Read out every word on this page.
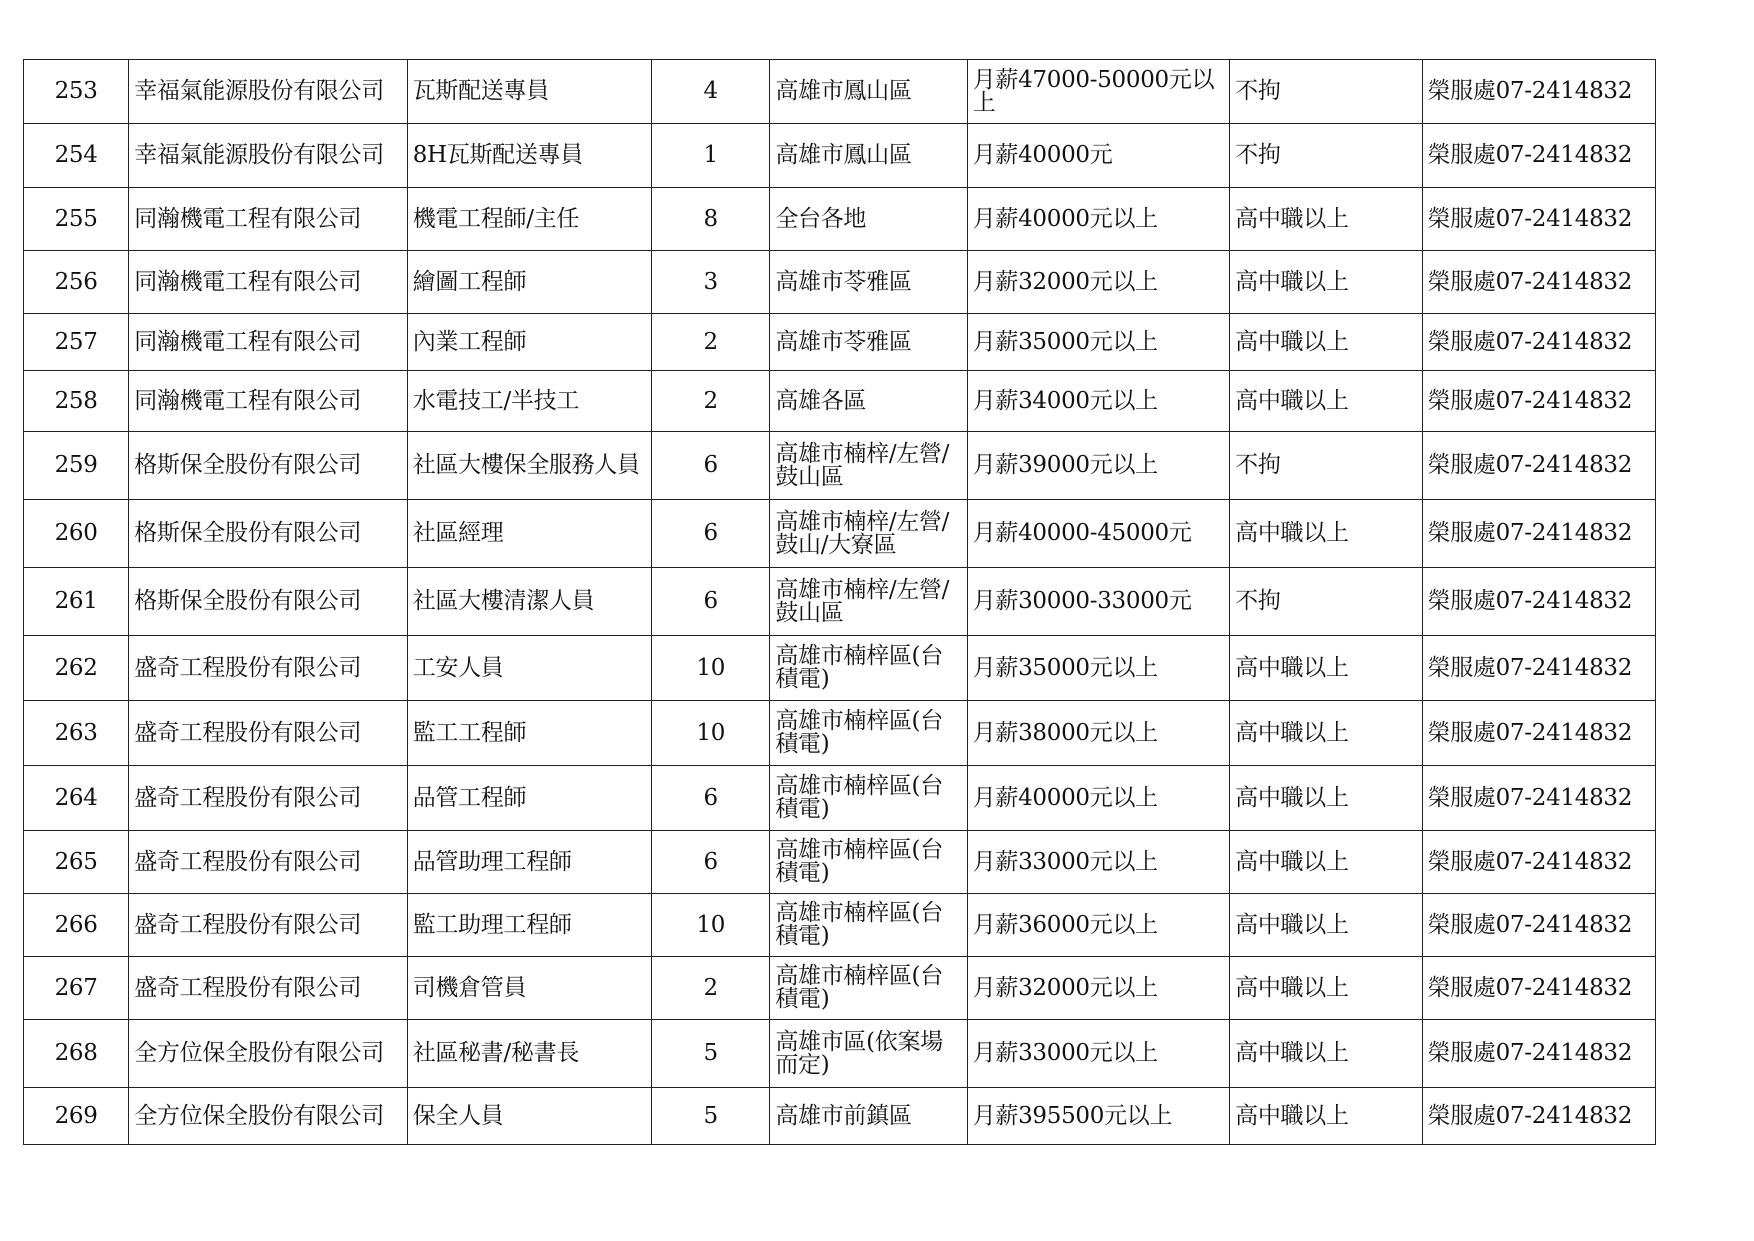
253	幸福氣能源股份有限公司	瓦斯配送專員	4	高雄市鳳山區	月薪47000-50000元以上	不拘	榮服處07-2414832
254	幸福氣能源股份有限公司	8H瓦斯配送專員	1	高雄市鳳山區	月薪40000元	不拘	榮服處07-2414832
255	同瀚機電工程有限公司	機電工程師/主任	8	全台各地	月薪40000元以上	高中職以上	榮服處07-2414832
256	同瀚機電工程有限公司	繪圖工程師	3	高雄市苓雅區	月薪32000元以上	高中職以上	榮服處07-2414832
257	同瀚機電工程有限公司	內業工程師	2	高雄市苓雅區	月薪35000元以上	高中職以上	榮服處07-2414832
258	同瀚機電工程有限公司	水電技工/半技工	2	高雄各區	月薪34000元以上	高中職以上	榮服處07-2414832
259	格斯保全股份有限公司	社區大樓保全服務人員	6	高雄市楠梓/左營/鼓山區	月薪39000元以上	不拘	榮服處07-2414832
260	格斯保全股份有限公司	社區經理	6	高雄市楠梓/左營/鼓山/大寮區	月薪40000-45000元	高中職以上	榮服處07-2414832
261	格斯保全股份有限公司	社區大樓清潔人員	6	高雄市楠梓/左營/鼓山區	月薪30000-33000元	不拘	榮服處07-2414832
262	盛奇工程股份有限公司	工安人員	10	高雄市楠梓區(台積電)	月薪35000元以上	高中職以上	榮服處07-2414832
263	盛奇工程股份有限公司	監工工程師	10	高雄市楠梓區(台積電)	月薪38000元以上	高中職以上	榮服處07-2414832
264	盛奇工程股份有限公司	品管工程師	6	高雄市楠梓區(台積電)	月薪40000元以上	高中職以上	榮服處07-2414832
265	盛奇工程股份有限公司	品管助理工程師	6	高雄市楠梓區(台積電)	月薪33000元以上	高中職以上	榮服處07-2414832
266	盛奇工程股份有限公司	監工助理工程師	10	高雄市楠梓區(台積電)	月薪36000元以上	高中職以上	榮服處07-2414832
267	盛奇工程股份有限公司	司機倉管員	2	高雄市楠梓區(台積電)	月薪32000元以上	高中職以上	榮服處07-2414832
268	全方位保全股份有限公司	社區秘書/秘書長	5	高雄市區(依案場而定)	月薪33000元以上	高中職以上	榮服處07-2414832
269	全方位保全股份有限公司	保全人員	5	高雄市前鎮區	月薪395500元以上	高中職以上	榮服處07-2414832
